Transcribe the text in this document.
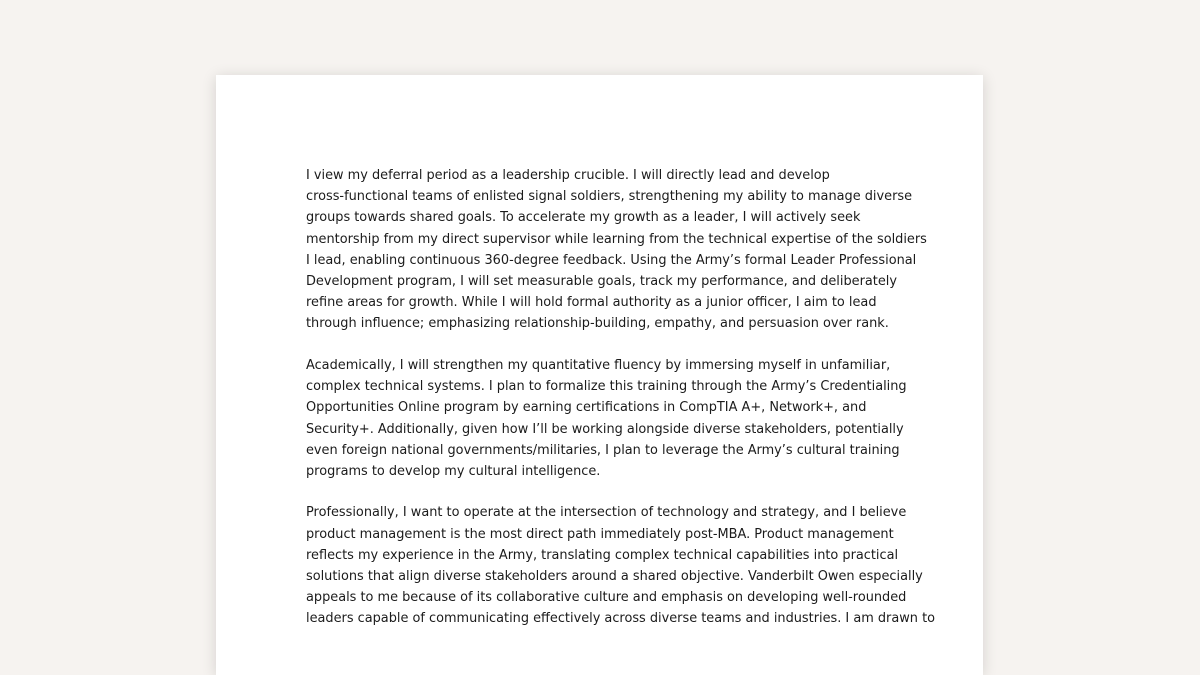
I view my deferral period as a leadership crucible. I will directly lead and develop
cross-functional teams of enlisted signal soldiers, strengthening my ability to manage diverse
groups towards shared goals. To accelerate my growth as a leader, I will actively seek
mentorship from my direct supervisor while learning from the technical expertise of the soldiers
I lead, enabling continuous 360-degree feedback. Using the Army’s formal Leader Professional
Development program, I will set measurable goals, track my performance, and deliberately
refine areas for growth. While I will hold formal authority as a junior officer, I aim to lead
through influence; emphasizing relationship-building, empathy, and persuasion over rank.

Academically, I will strengthen my quantitative fluency by immersing myself in unfamiliar,
complex technical systems. I plan to formalize this training through the Army’s Credentialing
Opportunities Online program by earning certifications in CompTIA A+, Network+, and
Security+. Additionally, given how I’ll be working alongside diverse stakeholders, potentially
even foreign national governments/militaries, I plan to leverage the Army’s cultural training
programs to develop my cultural intelligence.

Professionally, I want to operate at the intersection of technology and strategy, and I believe
product management is the most direct path immediately post-MBA. Product management
reflects my experience in the Army, translating complex technical capabilities into practical
solutions that align diverse stakeholders around a shared objective. Vanderbilt Owen especially
appeals to me because of its collaborative culture and emphasis on developing well-rounded
leaders capable of communicating effectively across diverse teams and industries. I am drawn to
